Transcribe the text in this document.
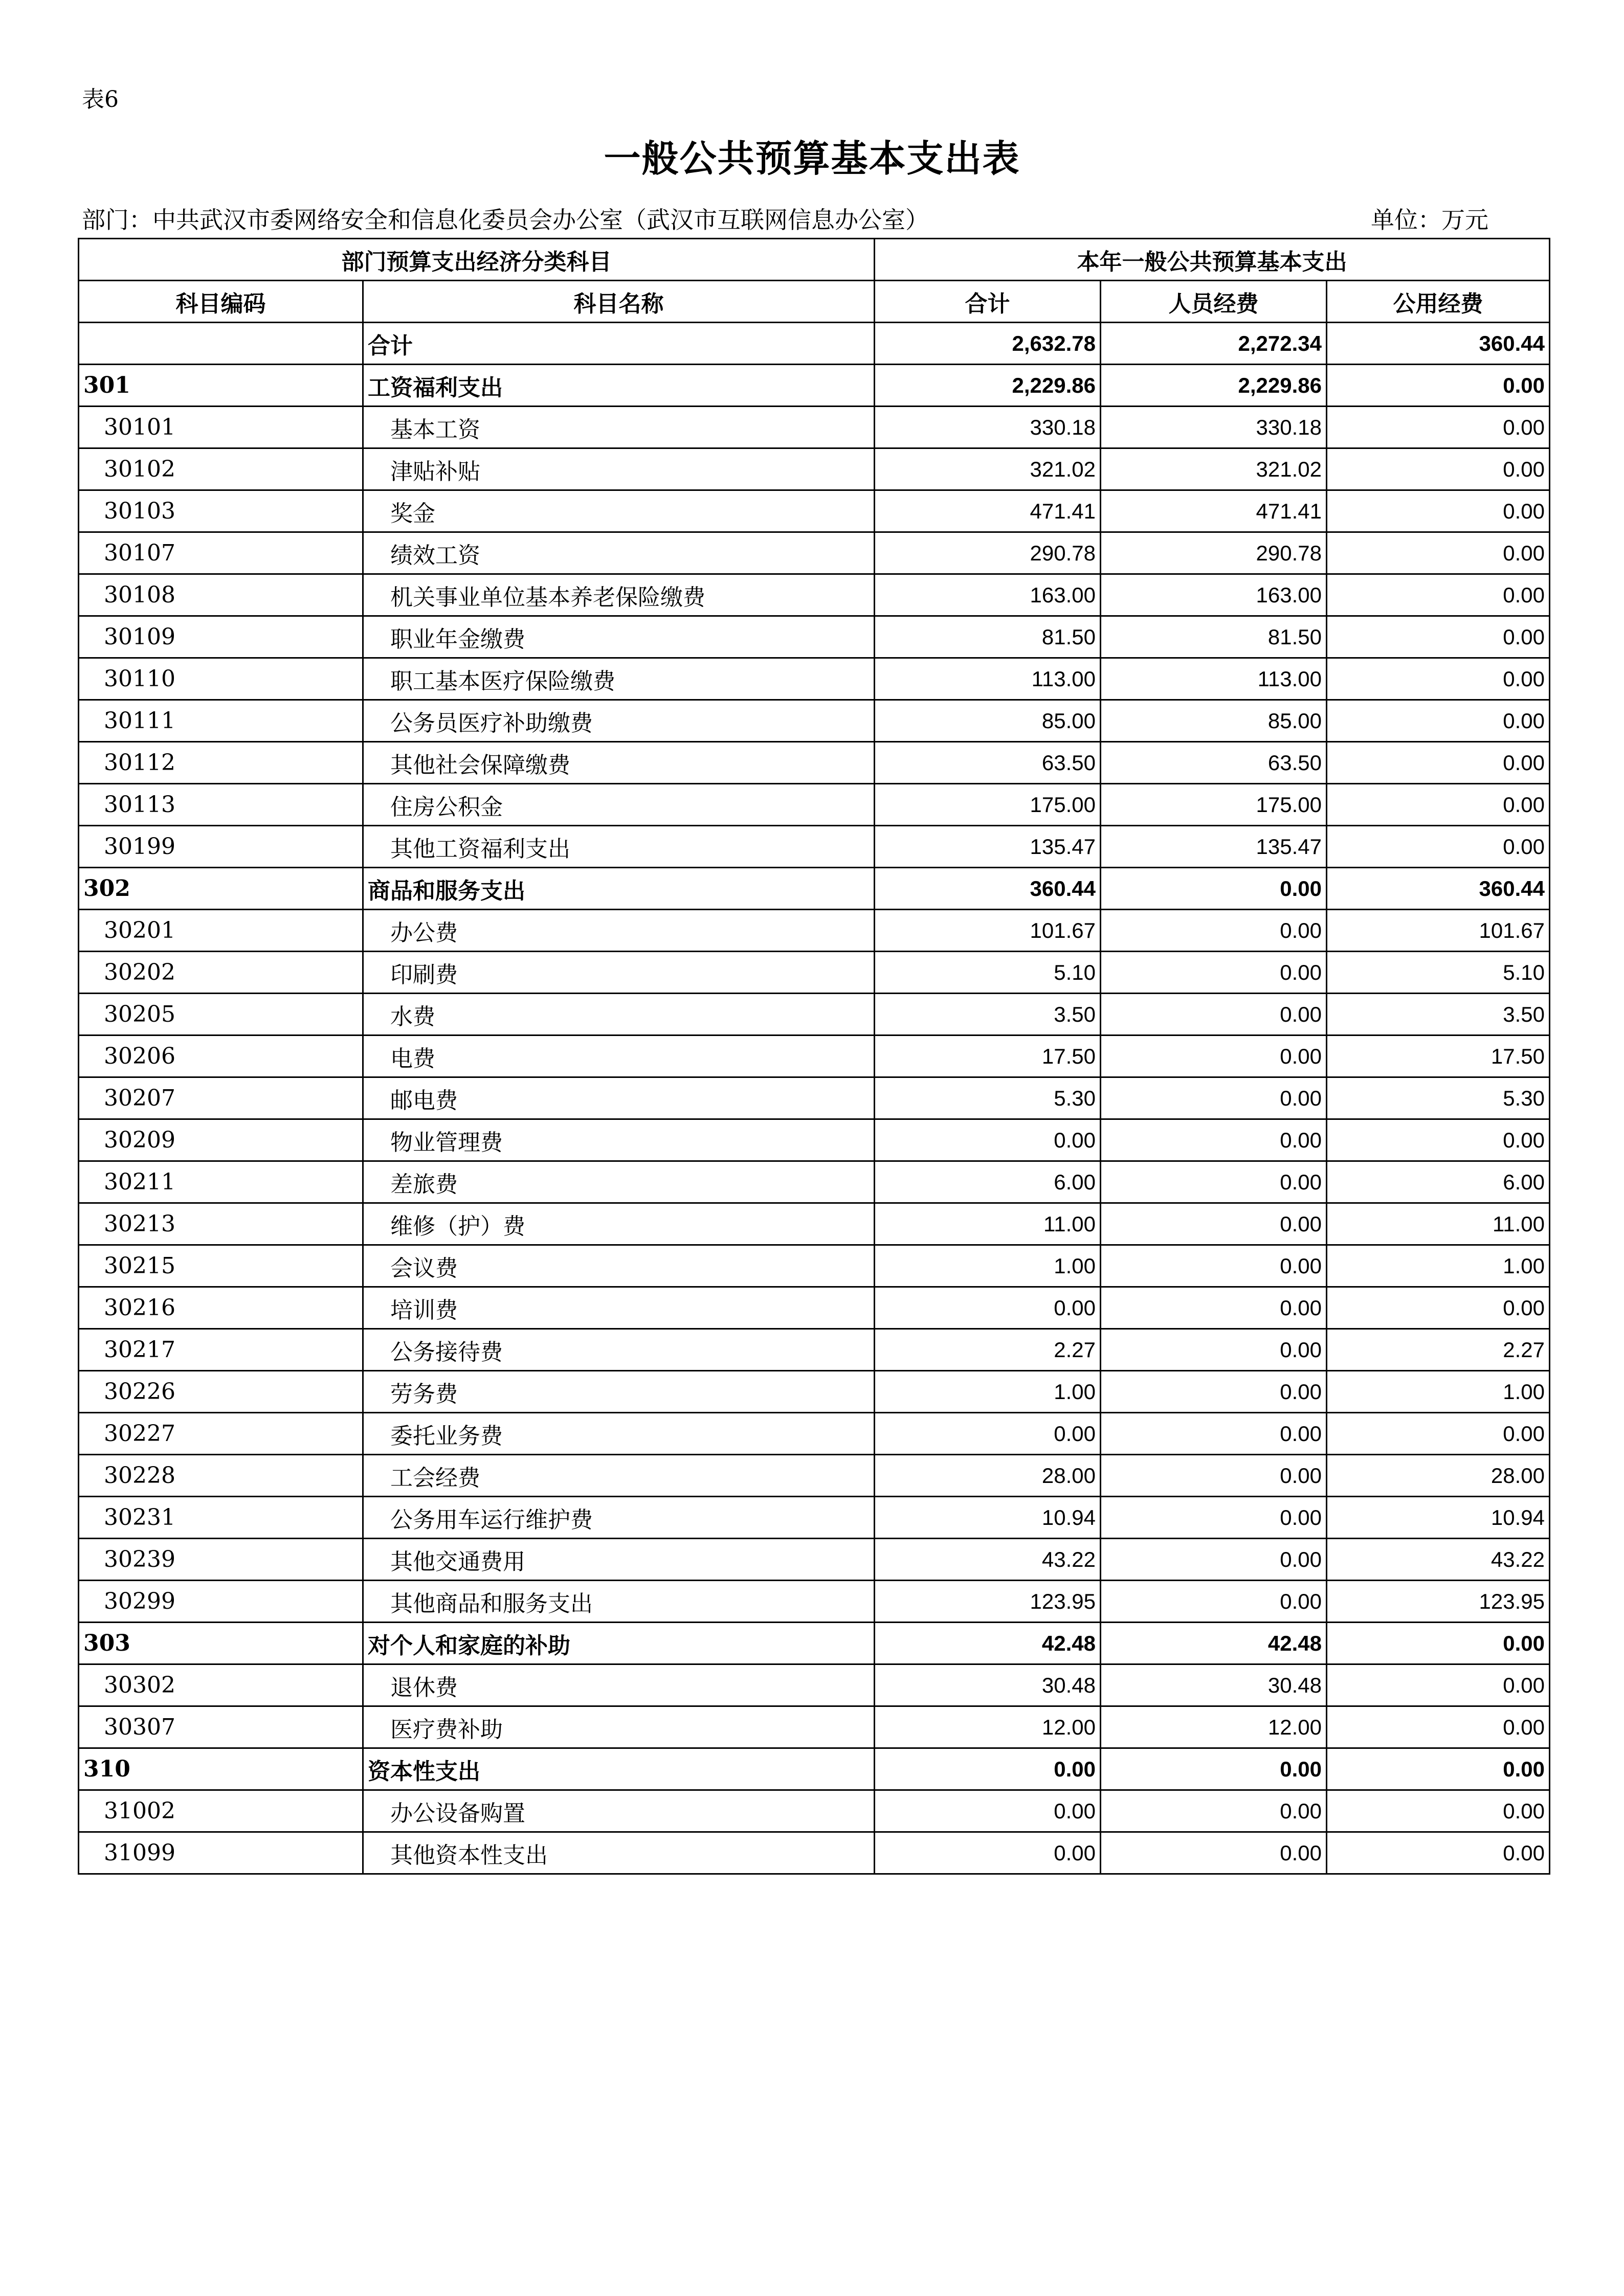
表6
一般公共预算基本支出表
部门：中共武汉市委网络安全和信息化委员会办公室（武汉市互联网信息办公室）	单位：万元
部门预算支出经济分类科目		本年一般公共预算基本支出		
科目编码	科目名称	合计	人员经费	公用经费
	合计	2,632.78	2,272.34	360.44
301	工资福利支出	2,229.86	2,229.86	0.00
30101	基本工资	330.18	330.18	0.00
30102	津贴补贴	321.02	321.02	0.00
30103	奖金	471.41	471.41	0.00
30107	绩效工资	290.78	290.78	0.00
30108	机关事业单位基本养老保险缴费	163.00	163.00	0.00
30109	职业年金缴费	81.50	81.50	0.00
30110	职工基本医疗保险缴费	113.00	113.00	0.00
30111	公务员医疗补助缴费	85.00	85.00	0.00
30112	其他社会保障缴费	63.50	63.50	0.00
30113	住房公积金	175.00	175.00	0.00
30199	其他工资福利支出	135.47	135.47	0.00
302	商品和服务支出	360.44	0.00	360.44
30201	办公费	101.67	0.00	101.67
30202	印刷费	5.10	0.00	5.10
30205	水费	3.50	0.00	3.50
30206	电费	17.50	0.00	17.50
30207	邮电费	5.30	0.00	5.30
30209	物业管理费	0.00	0.00	0.00
30211	差旅费	6.00	0.00	6.00
30213	维修（护）费	11.00	0.00	11.00
30215	会议费	1.00	0.00	1.00
30216	培训费	0.00	0.00	0.00
30217	公务接待费	2.27	0.00	2.27
30226	劳务费	1.00	0.00	1.00
30227	委托业务费	0.00	0.00	0.00
30228	工会经费	28.00	0.00	28.00
30231	公务用车运行维护费	10.94	0.00	10.94
30239	其他交通费用	43.22	0.00	43.22
30299	其他商品和服务支出	123.95	0.00	123.95
303	对个人和家庭的补助	42.48	42.48	0.00
30302	退休费	30.48	30.48	0.00
30307	医疗费补助	12.00	12.00	0.00
310	资本性支出	0.00	0.00	0.00
31002	办公设备购置	0.00	0.00	0.00
31099	其他资本性支出	0.00	0.00	0.00
